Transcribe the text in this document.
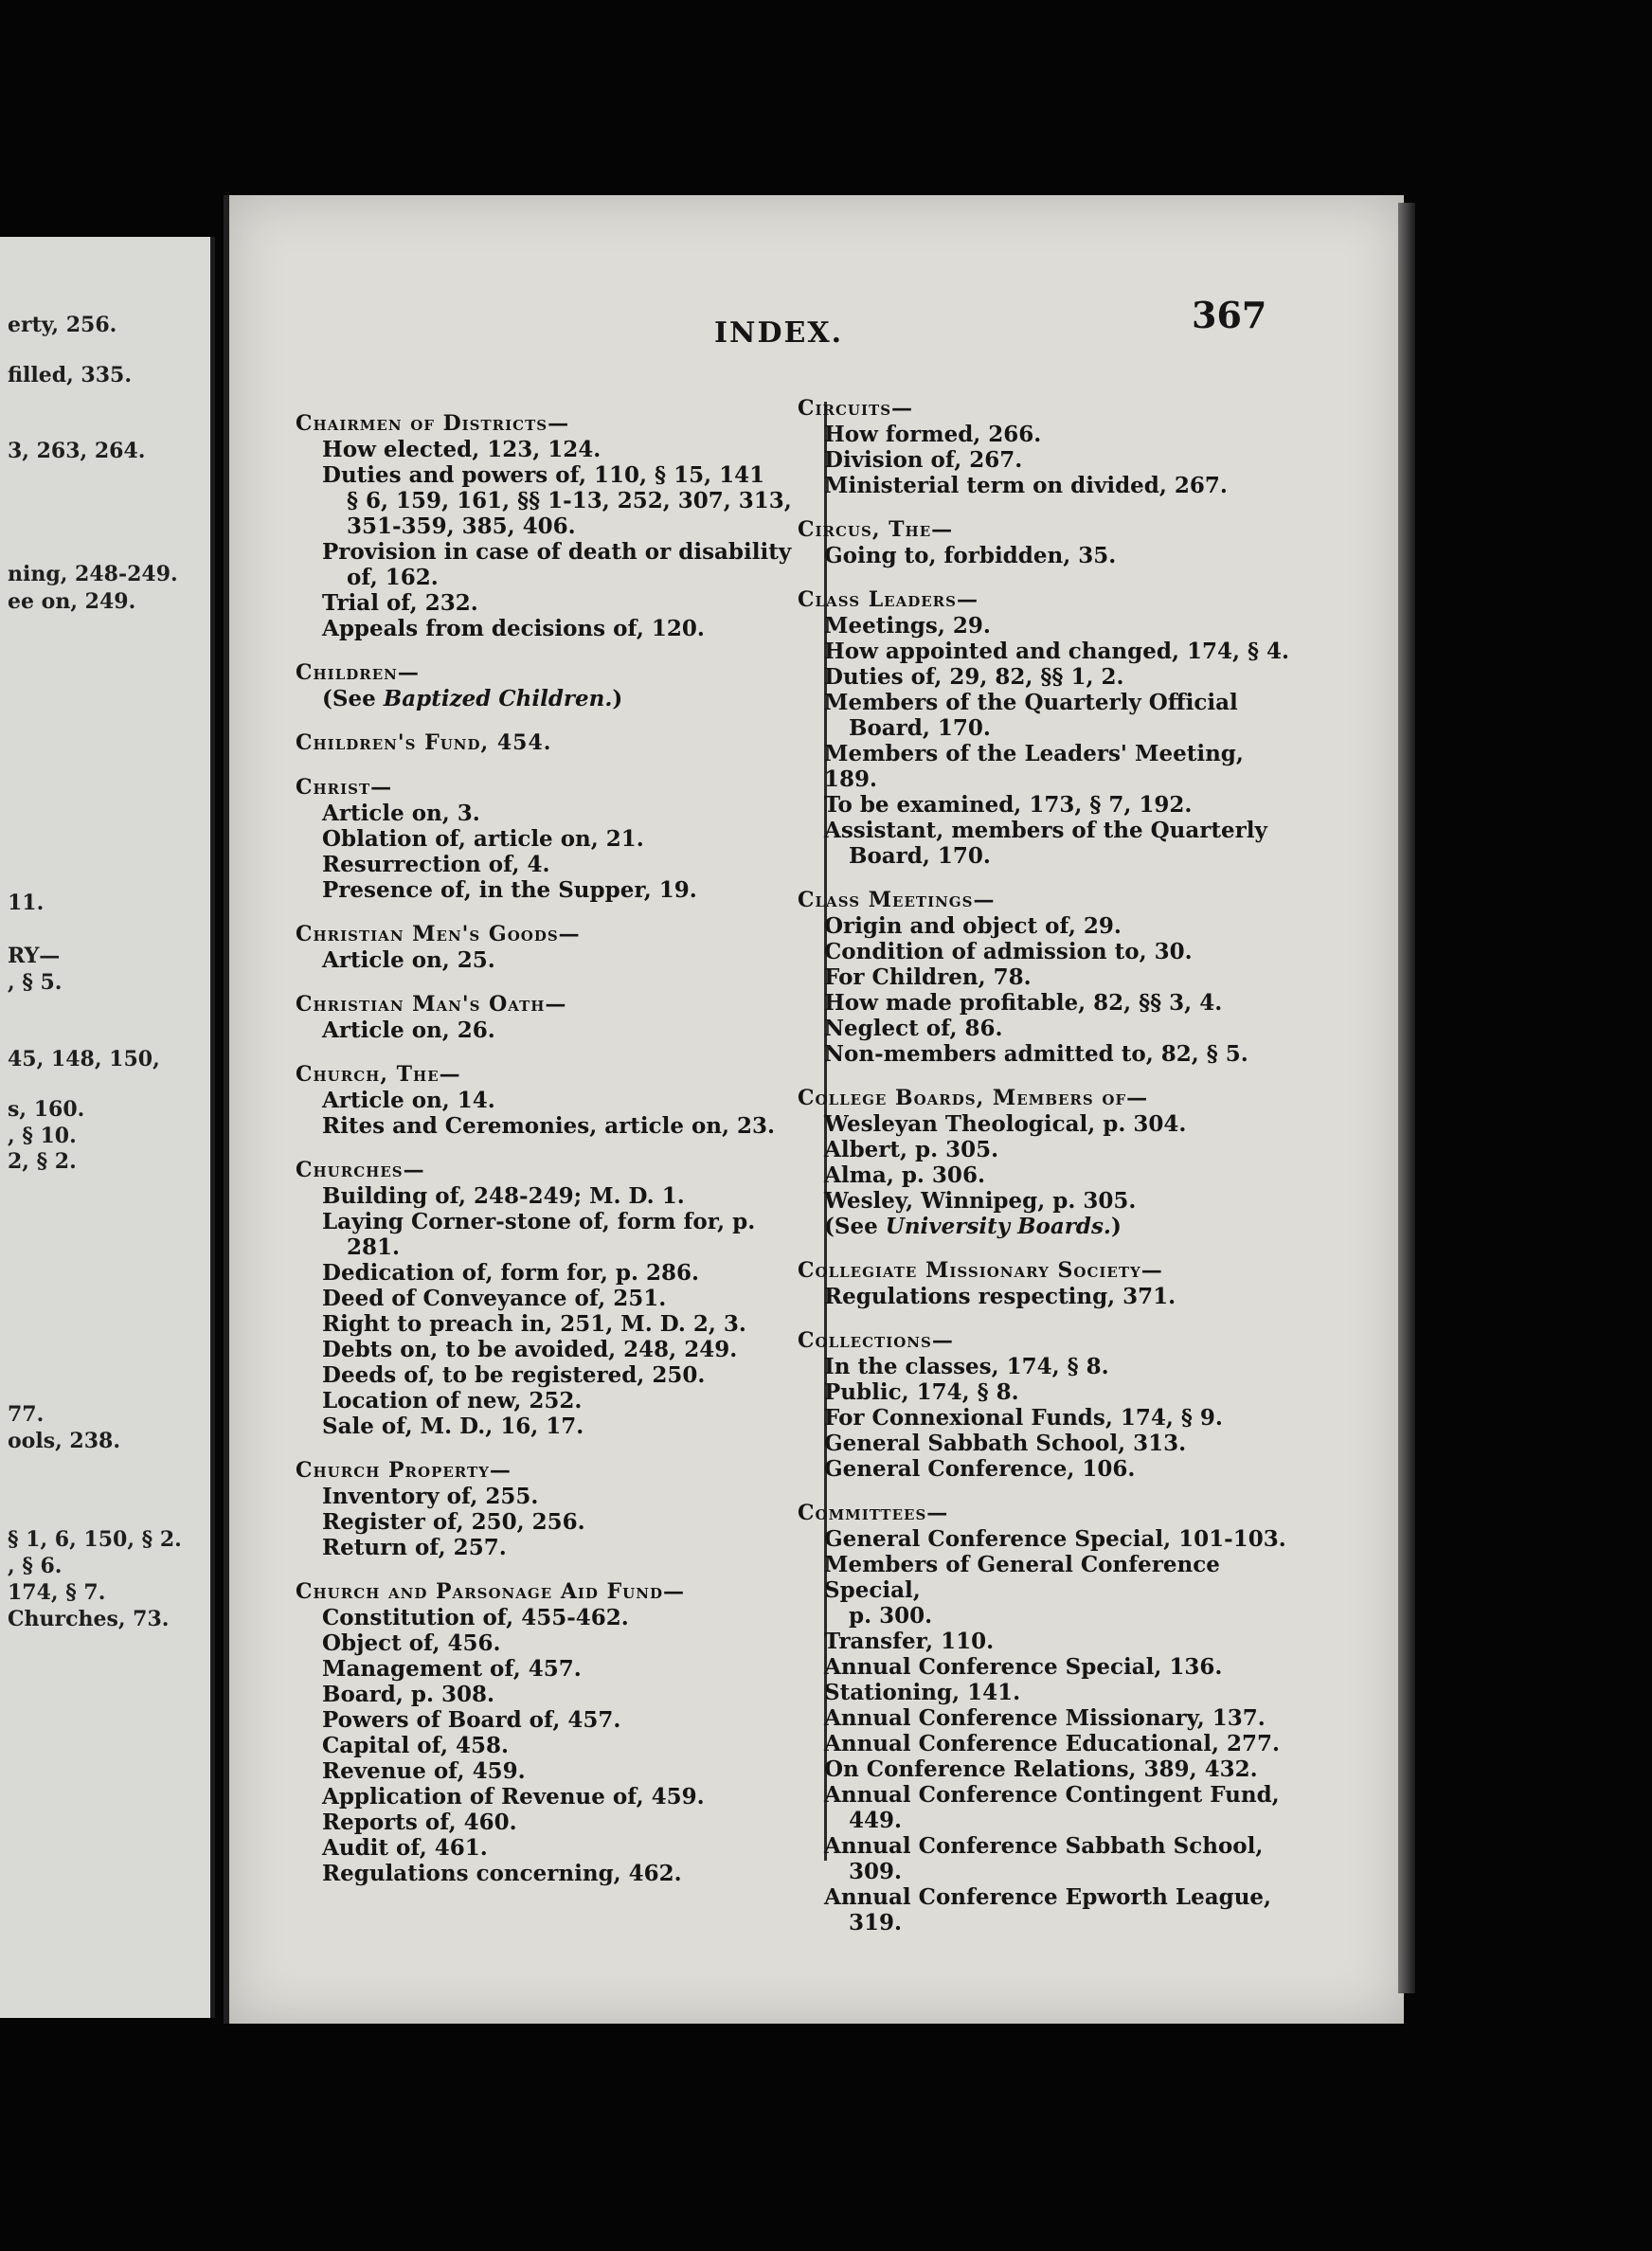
erty, 256.
filled, 335.
3, 263, 264.
ning, 248-249.
ee on, 249.
11.
RY—
, § 5.
45, 148, 150,
s, 160.
, § 10.
2, § 2.
77.
ools, 238.
§ 1, 6, 150, § 2.
, § 6.
174, § 7.
Churches, 73.
INDEX.	367
Chairmen of Districts—
How elected, 123, 124.
Duties and powers of, 110, § 15, 141
§ 6, 159, 161, §§ 1-13, 252, 307, 313,
351-359, 385, 406.
Provision in case of death or disability
of, 162.
Trial of, 232.
Appeals from decisions of, 120.
Children—
(See Baptized Children.)
Children's Fund, 454.
Christ—
Article on, 3.
Oblation of, article on, 21.
Resurrection of, 4.
Presence of, in the Supper, 19.
Christian Men's Goods—
Article on, 25.
Christian Man's Oath—
Article on, 26.
Church, The—
Article on, 14.
Rites and Ceremonies, article on, 23.
Churches—
Building of, 248-249; M. D. 1.
Laying Corner-stone of, form for, p.
281.
Dedication of, form for, p. 286.
Deed of Conveyance of, 251.
Right to preach in, 251, M. D. 2, 3.
Debts on, to be avoided, 248, 249.
Deeds of, to be registered, 250.
Location of new, 252.
Sale of, M. D., 16, 17.
Church Property—
Inventory of, 255.
Register of, 250, 256.
Return of, 257.
Church and Parsonage Aid Fund—
Constitution of, 455-462.
Object of, 456.
Management of, 457.
Board, p. 308.
Powers of Board of, 457.
Capital of, 458.
Revenue of, 459.
Application of Revenue of, 459.
Reports of, 460.
Audit of, 461.
Regulations concerning, 462.
Circuits—
How formed, 266.
Division of, 267.
Ministerial term on divided, 267.
Circus, The—
Going to, forbidden, 35.
Class Leaders—
Meetings, 29.
How appointed and changed, 174, § 4.
Duties of, 29, 82, §§ 1, 2.
Members of the Quarterly Official
Board, 170.
Members of the Leaders' Meeting, 189.
To be examined, 173, § 7, 192.
Assistant, members of the Quarterly
Board, 170.
Class Meetings—
Origin and object of, 29.
Condition of admission to, 30.
For Children, 78.
How made profitable, 82, §§ 3, 4.
Neglect of, 86.
Non-members admitted to, 82, § 5.
College Boards, Members of—
Wesleyan Theological, p. 304.
Albert, p. 305.
Alma, p. 306.
Wesley, Winnipeg, p. 305.
(See University Boards.)
Collegiate Missionary Society—
Regulations respecting, 371.
Collections—
In the classes, 174, § 8.
Public, 174, § 8.
For Connexional Funds, 174, § 9.
General Sabbath School, 313.
General Conference, 106.
Committees—
General Conference Special, 101-103.
Members of General Conference Special,
p. 300.
Transfer, 110.
Annual Conference Special, 136.
Stationing, 141.
Annual Conference Missionary, 137.
Annual Conference Educational, 277.
On Conference Relations, 389, 432.
Annual Conference Contingent Fund,
449.
Annual Conference Sabbath School,
309.
Annual Conference Epworth League,
319.
